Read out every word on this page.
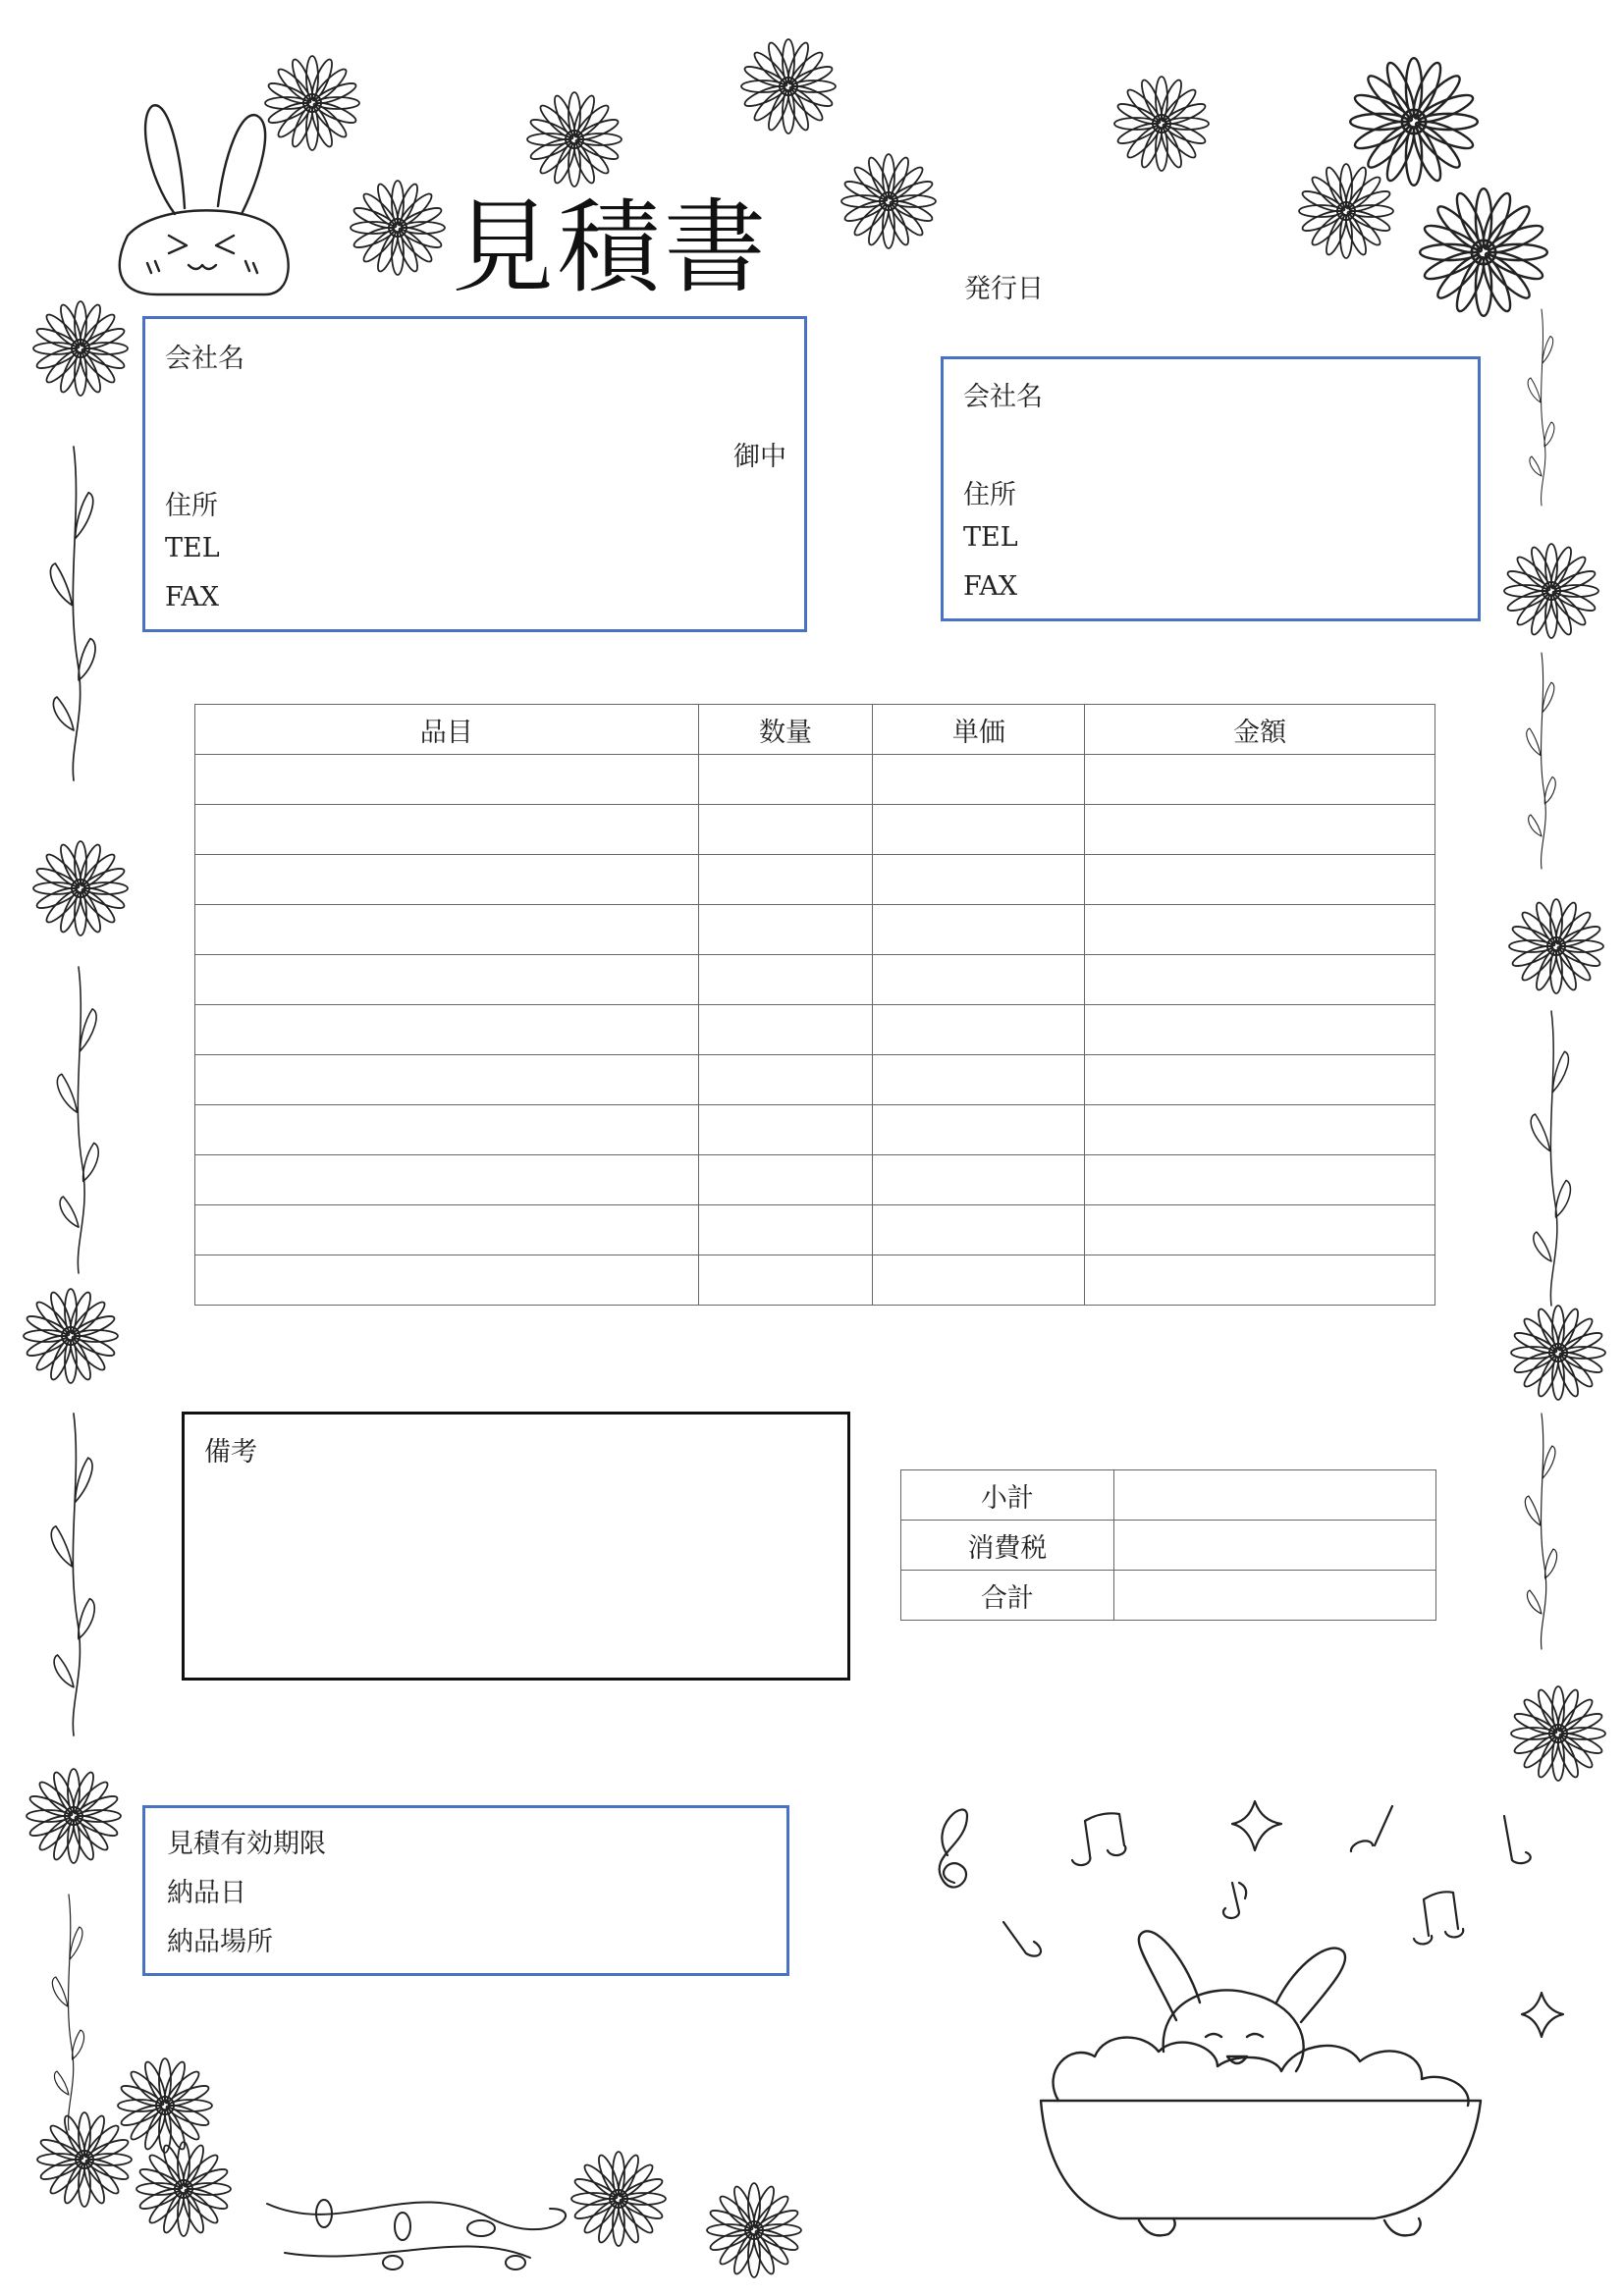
見積書	発行日
会社名
御中
住所
TEL
FAX
会社名
住所
TEL
FAX
品目	数量	単価	金額

備考
小計	
消費税	
合計	
見積有効期限
納品日
納品場所
